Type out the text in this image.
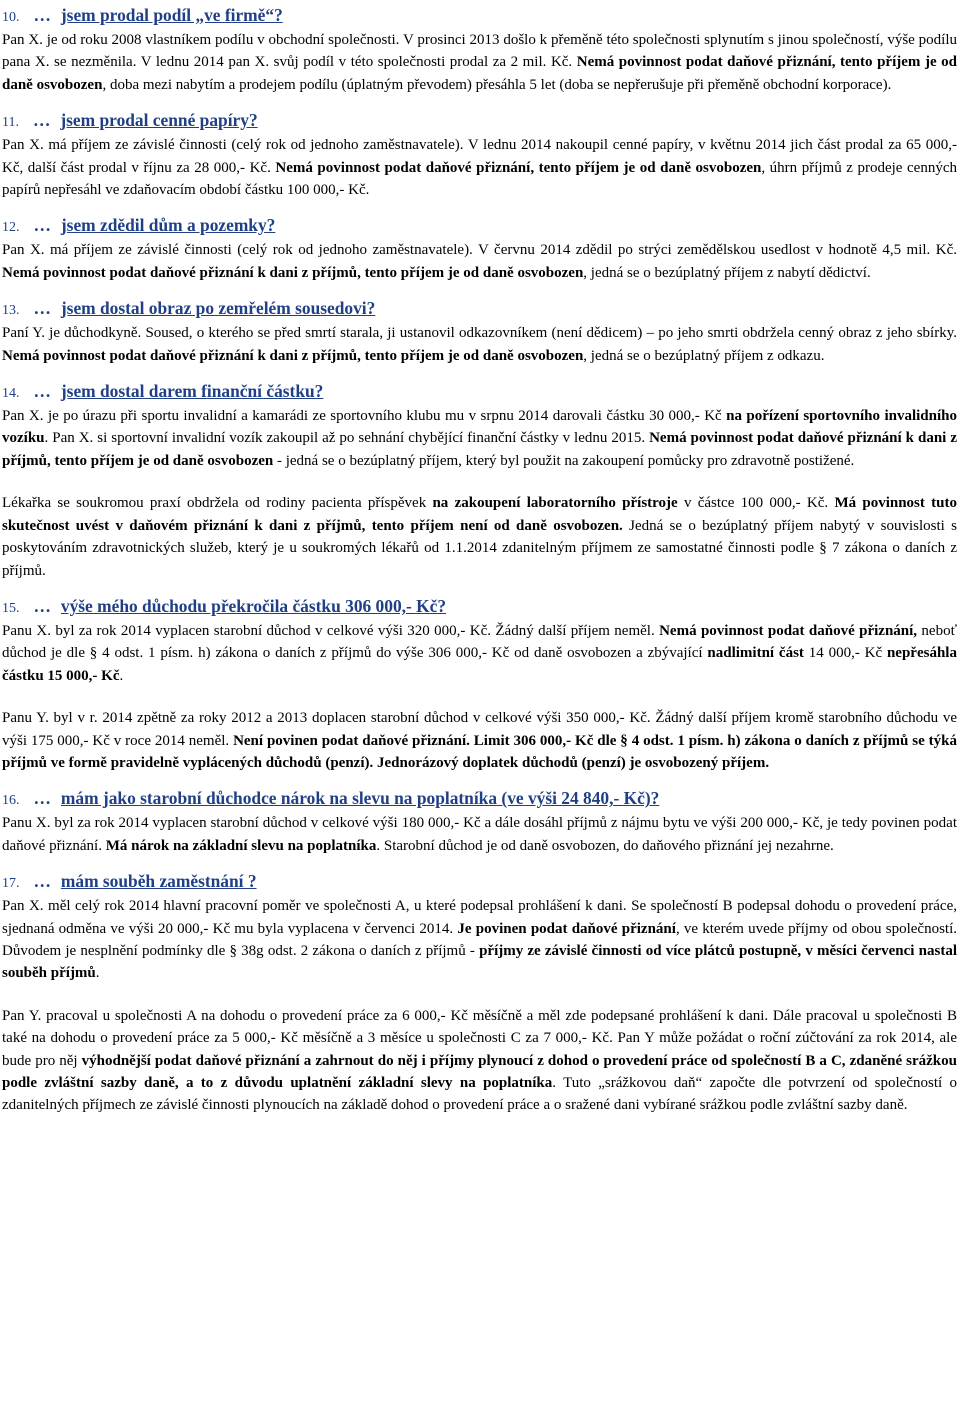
10. … jsem prodal podíl „ve firmě“?

Pan X. je od roku 2008 vlastníkem podílu v obchodní společnosti. V prosinci 2013 došlo k přeměně této společnosti splynutím s jinou společností, výše podílu pana X. se nezměnila. V lednu 2014 pan X. svůj podíl v této společnosti prodal za 2 mil. Kč. Nemá povinnost podat daňové přiznání, tento příjem je od daně osvobozen, doba mezi nabytím a prodejem podílu (úplatným převodem) přesáhla 5 let (doba se nepřerušuje při přeměně obchodní korporace).

11. … jsem prodal cenné papíry?

Pan X. má příjem ze závislé činnosti (celý rok od jednoho zaměstnavatele). V lednu 2014 nakoupil cenné papíry, v květnu 2014 jich část prodal za 65 000,- Kč, další část prodal v říjnu za 28 000,- Kč. Nemá povinnost podat daňové přiznání, tento příjem je od daně osvobozen, úhrn příjmů z prodeje cenných papírů nepřesáhl ve zdaňovacím období částku 100 000,- Kč.

12. … jsem zdědil dům a pozemky?

Pan X. má příjem ze závislé činnosti (celý rok od jednoho zaměstnavatele). V červnu 2014 zdědil po strýci zemědělskou usedlost v hodnotě 4,5 mil. Kč. Nemá povinnost podat daňové přiznání k dani z příjmů, tento příjem je od daně osvobozen, jedná se o bezúplatný příjem z nabytí dědictví.

13. … jsem dostal obraz po zemřelém sousedovi?

Paní Y. je důchodkyně. Soused, o kterého se před smrtí starala, ji ustanovil odkazovníkem (není dědicem) – po jeho smrti obdržela cenný obraz z jeho sbírky. Nemá povinnost podat daňové přiznání k dani z příjmů, tento příjem je od daně osvobozen, jedná se o bezúplatný příjem z odkazu.

14. … jsem dostal darem finanční částku?

Pan X. je po úrazu při sportu invalidní a kamarádi ze sportovního klubu mu v srpnu 2014 darovali částku 30 000,- Kč na pořízení sportovního invalidního vozíku. Pan X. si sportovní invalidní vozík zakoupil až po sehnání chybějící finanční částky v lednu 2015. Nemá povinnost podat daňové přiznání k dani z příjmů, tento příjem je od daně osvobozen - jedná se o bezúplatný příjem, který byl použit na zakoupení pomůcky pro zdravotně postižené.

Lékařka se soukromou praxí obdržela od rodiny pacienta příspěvek na zakoupení laboratorního přístroje v částce 100 000,- Kč. Má povinnost tuto skutečnost uvést v daňovém přiznání k dani z příjmů, tento příjem není od daně osvobozen. Jedná se o bezúplatný příjem nabytý v souvislosti s poskytováním zdravotnických služeb, který je u soukromých lékařů od 1.1.2014 zdanitelným příjmem ze samostatné činnosti podle § 7 zákona o daních z příjmů.

15. … výše mého důchodu překročila částku 306 000,- Kč?

Panu X. byl za rok 2014 vyplacen starobní důchod v celkové výši 320 000,- Kč. Žádný další příjem neměl. Nemá povinnost podat daňové přiznání, neboť důchod je dle § 4 odst. 1 písm. h) zákona o daních z příjmů do výše 306 000,- Kč od daně osvobozen a zbývající nadlimitní část 14 000,- Kč nepřesáhla částku 15 000,- Kč.

Panu Y. byl v r. 2014 zpětně za roky 2012 a 2013 doplacen starobní důchod v celkové výši 350 000,- Kč. Žádný další příjem kromě starobního důchodu ve výši 175 000,- Kč v roce 2014 neměl. Není povinen podat daňové přiznání. Limit 306 000,- Kč dle § 4 odst. 1 písm. h) zákona o daních z příjmů se týká příjmů ve formě pravidelně vyplácených důchodů (penzí). Jednorázový doplatek důchodů (penzí) je osvobozený příjem.

16. … mám jako starobní důchodce nárok na slevu na poplatníka (ve výši 24 840,- Kč)?

Panu X. byl za rok 2014 vyplacen starobní důchod v celkové výši 180 000,- Kč a dále dosáhl příjmů z nájmu bytu ve výši 200 000,- Kč, je tedy povinen podat daňové přiznání. Má nárok na základní slevu na poplatníka. Starobní důchod je od daně osvobozen, do daňového přiznání jej nezahrne.

17. … mám souběh zaměstnání ?

Pan X. měl celý rok 2014 hlavní pracovní poměr ve společnosti A, u které podepsal prohlášení k dani. Se společností B podepsal dohodu o provedení práce, sjednaná odměna ve výši 20 000,- Kč mu byla vyplacena v červenci 2014. Je povinen podat daňové přiznání, ve kterém uvede příjmy od obou společností. Důvodem je nesplnění podmínky dle § 38g odst. 2 zákona o daních z příjmů - příjmy ze závislé činnosti od více plátců postupně, v měsíci červenci nastal souběh příjmů.

Pan Y. pracoval u společnosti A na dohodu o provedení práce za 6 000,- Kč měsíčně a měl zde podepsané prohlášení k dani. Dále pracoval u společnosti B také na dohodu o provedení práce za 5 000,- Kč měsíčně a 3 měsíce u společnosti C za 7 000,- Kč. Pan Y může požádat o roční zúčtování za rok 2014, ale bude pro něj výhodnější podat daňové přiznání a zahrnout do něj i příjmy plynoucí z dohod o provedení práce od společností B a C, zdaněné srážkou podle zvláštní sazby daně, a to z důvodu uplatnění základní slevy na poplatníka. Tuto „srážkovou daň“ započte dle potvrzení od společností o zdanitelných příjmech ze závislé činnosti plynoucích na základě dohod o provedení práce a o sražené dani vybírané srážkou podle zvláštní sazby daně.
